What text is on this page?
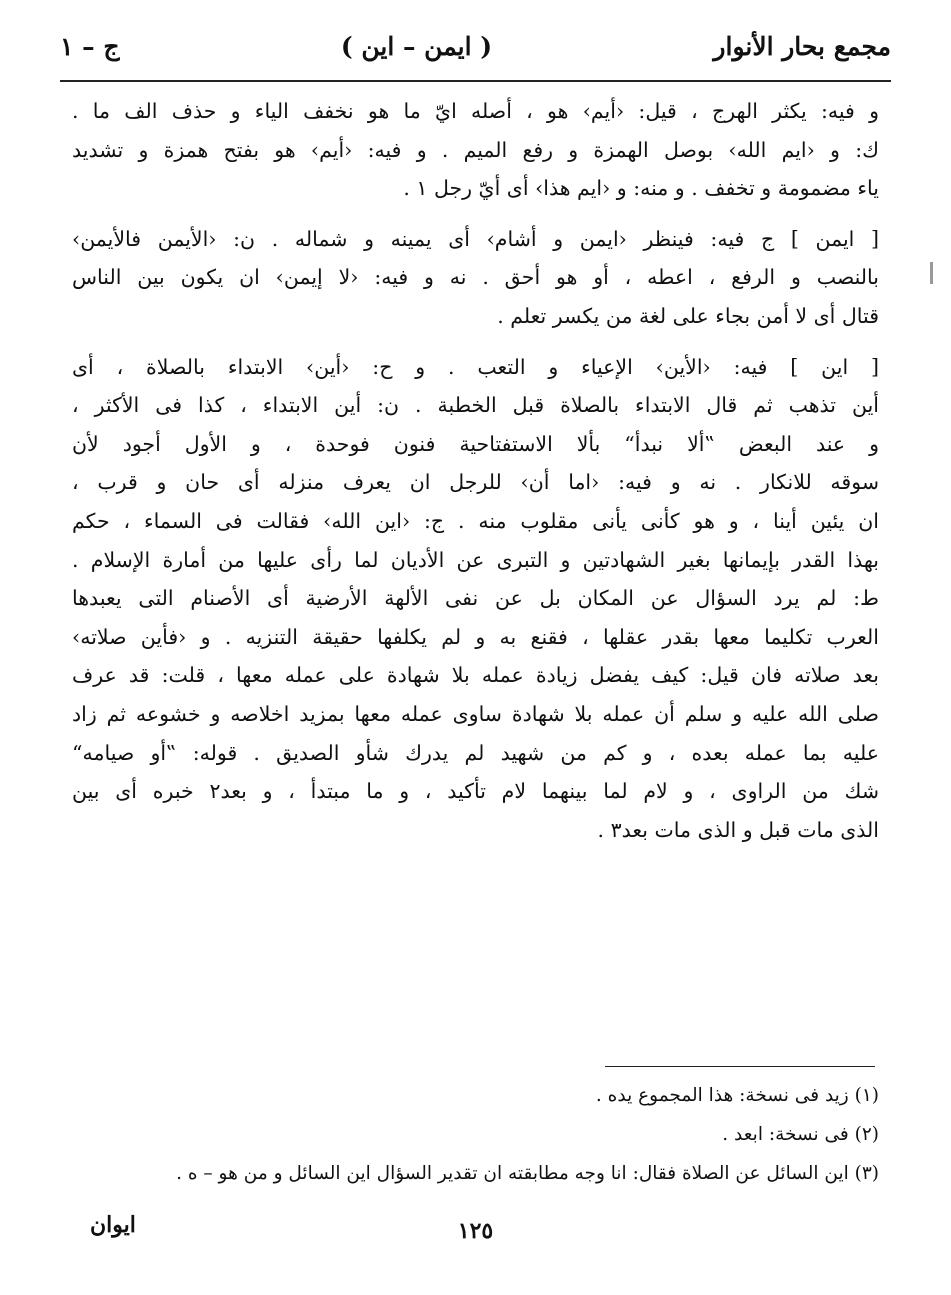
مجمع بحار الأنوار
( ايمن – اين )
ج – ١
و فيه: يكثر الهرج ، قيل: ‹أيم› هو ، أصله ايّ ما هو نخفف الياء و حذف الف ما .
ك: و ‹ايم الله› بوصل الهمزة و رفع الميم . و فيه: ‹أيم› هو بفتح همزة و تشديد
ياء مضمومة و تخفف . و منه: و ‹ايم هذا› أى أيّ رجل ١ .
[ ايمن ] ج فيه: فينظر ‹ايمن و أشام› أى يمينه و شماله . ن: ‹الأيمن فالأيمن›
بالنصب و الرفع ، اعطه ، أو هو أحق . نه و فيه: ‹لا إيمن› ان يكون بين الناس
قتال أى لا أمن بجاء على لغة من يكسر تعلم .
[ اين ] فيه: ‹الأين› الإعياء و التعب . و ح: ‹أين› الابتداء بالصلاة ، أى
أين تذهب ثم قال الابتداء بالصلاة قبل الخطبة . ن: أين الابتداء ، كذا فى الأكثر ،
و عند البعض ‟ألا نبدأ“ بألا الاستفتاحية فنون فوحدة ، و الأول أجود لأن
سوقه للانكار . نه و فيه: ‹اما أن› للرجل ان يعرف منزله أى حان و قرب ،
ان يئين أينا ، و هو كأنى يأنى مقلوب منه . ج: ‹اين الله› فقالت فى السماء ، حكم
بهذا القدر بإيمانها بغير الشهادتين و التبرى عن الأديان لما رأى عليها من أمارة الإسلام .
ط: لم يرد السؤال عن المكان بل عن نفى الألهة الأرضية أى الأصنام التى يعبدها
العرب تكليما معها بقدر عقلها ، فقنع به و لم يكلفها حقيقة التنزيه . و ‹فأين صلاته›
بعد صلاته فان قيل: كيف يفضل زيادة عمله بلا شهادة على عمله معها ، قلت: قد عرف
صلى الله عليه و سلم أن عمله بلا شهادة ساوى عمله معها بمزيد اخلاصه و خشوعه ثم زاد
عليه بما عمله بعده ، و كم من شهيد لم يدرك شأو الصديق . قوله: ‟أو صيامه“
شك من الراوى ، و لام لما بينهما لام تأكيد ، و ما مبتدأ ، و بعد٢ خبره أى بين
الذى مات قبل و الذى مات بعد٣ .
(١) زيد فى نسخة: هذا المجموع يده .
(٢) فى نسخة: ابعد .
(٣) اين السائل عن الصلاة فقال: انا وجه مطابقته ان تقدير السؤال اين السائل و من هو – ه .
١٢٥
ايوان
